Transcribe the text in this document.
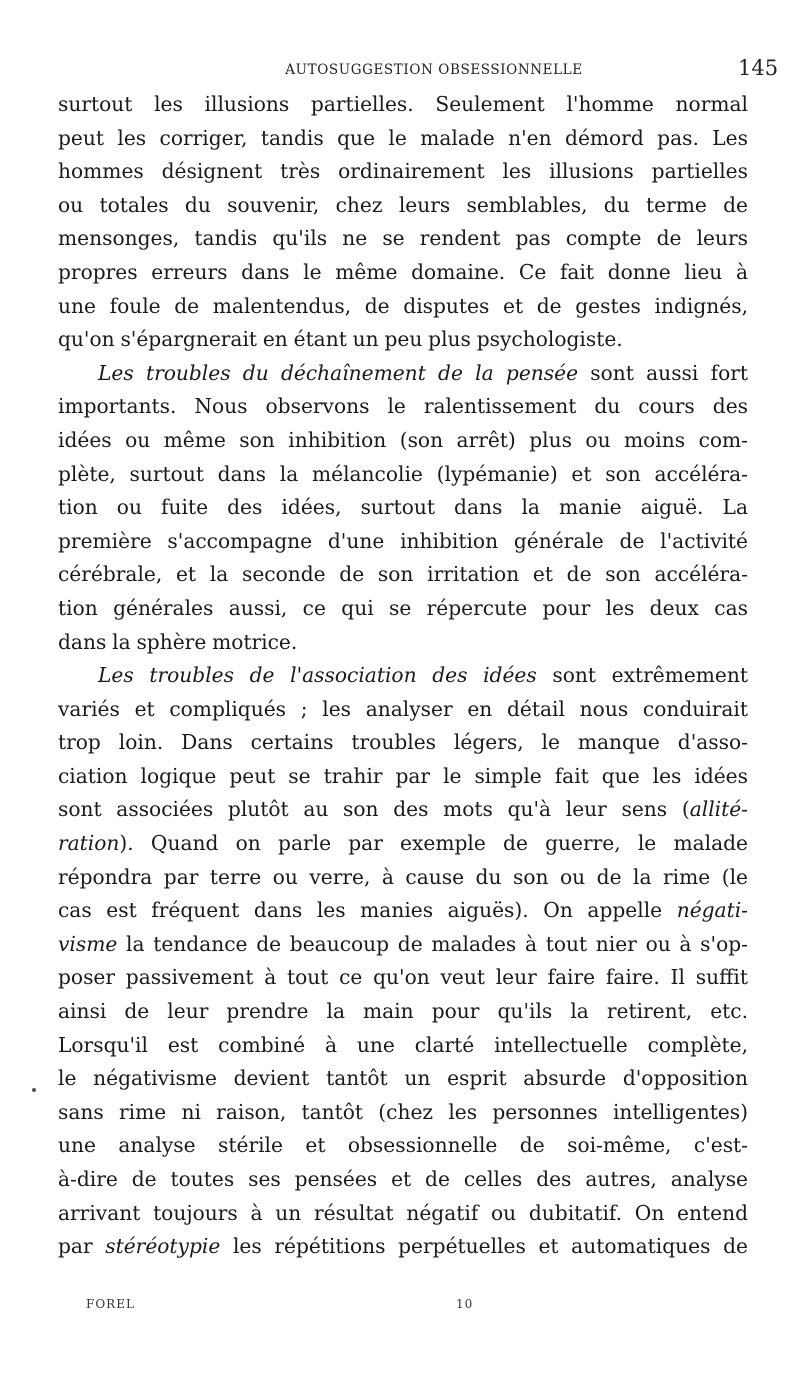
AUTOSUGGESTION OBSESSIONNELLE	145
surtout les illusions partielles. Seulement l'homme normal
peut les corriger, tandis que le malade n'en démord pas. Les
hommes désignent très ordinairement les illusions partielles
ou totales du souvenir, chez leurs semblables, du terme de
mensonges, tandis qu'ils ne se rendent pas compte de leurs
propres erreurs dans le même domaine. Ce fait donne lieu à
une foule de malentendus, de disputes et de gestes indignés,
qu'on s'épargnerait en étant un peu plus psychologiste.
Les troubles du déchaînement de la pensée sont aussi fort
importants. Nous observons le ralentissement du cours des
idées ou même son inhibition (son arrêt) plus ou moins com-
plète, surtout dans la mélancolie (lypémanie) et son accéléra-
tion ou fuite des idées, surtout dans la manie aiguë. La
première s'accompagne d'une inhibition générale de l'activité
cérébrale, et la seconde de son irritation et de son accéléra-
tion générales aussi, ce qui se répercute pour les deux cas
dans la sphère motrice.
Les troubles de l'association des idées sont extrêmement
variés et compliqués ; les analyser en détail nous conduirait
trop loin. Dans certains troubles légers, le manque d'asso-
ciation logique peut se trahir par le simple fait que les idées
sont associées plutôt au son des mots qu'à leur sens (allité-
ration). Quand on parle par exemple de guerre, le malade
répondra par terre ou verre, à cause du son ou de la rime (le
cas est fréquent dans les manies aiguës). On appelle négati-
visme la tendance de beaucoup de malades à tout nier ou à s'op-
poser passivement à tout ce qu'on veut leur faire faire. Il suffit
ainsi de leur prendre la main pour qu'ils la retirent, etc.
Lorsqu'il est combiné à une clarté intellectuelle complète,
le négativisme devient tantôt un esprit absurde d'opposition
sans rime ni raison, tantôt (chez les personnes intelligentes)
une analyse stérile et obsessionnelle de soi-même, c'est-
à-dire de toutes ses pensées et de celles des autres, analyse
arrivant toujours à un résultat négatif ou dubitatif. On entend
par stéréotypie les répétitions perpétuelles et automatiques de
FOREL	10
